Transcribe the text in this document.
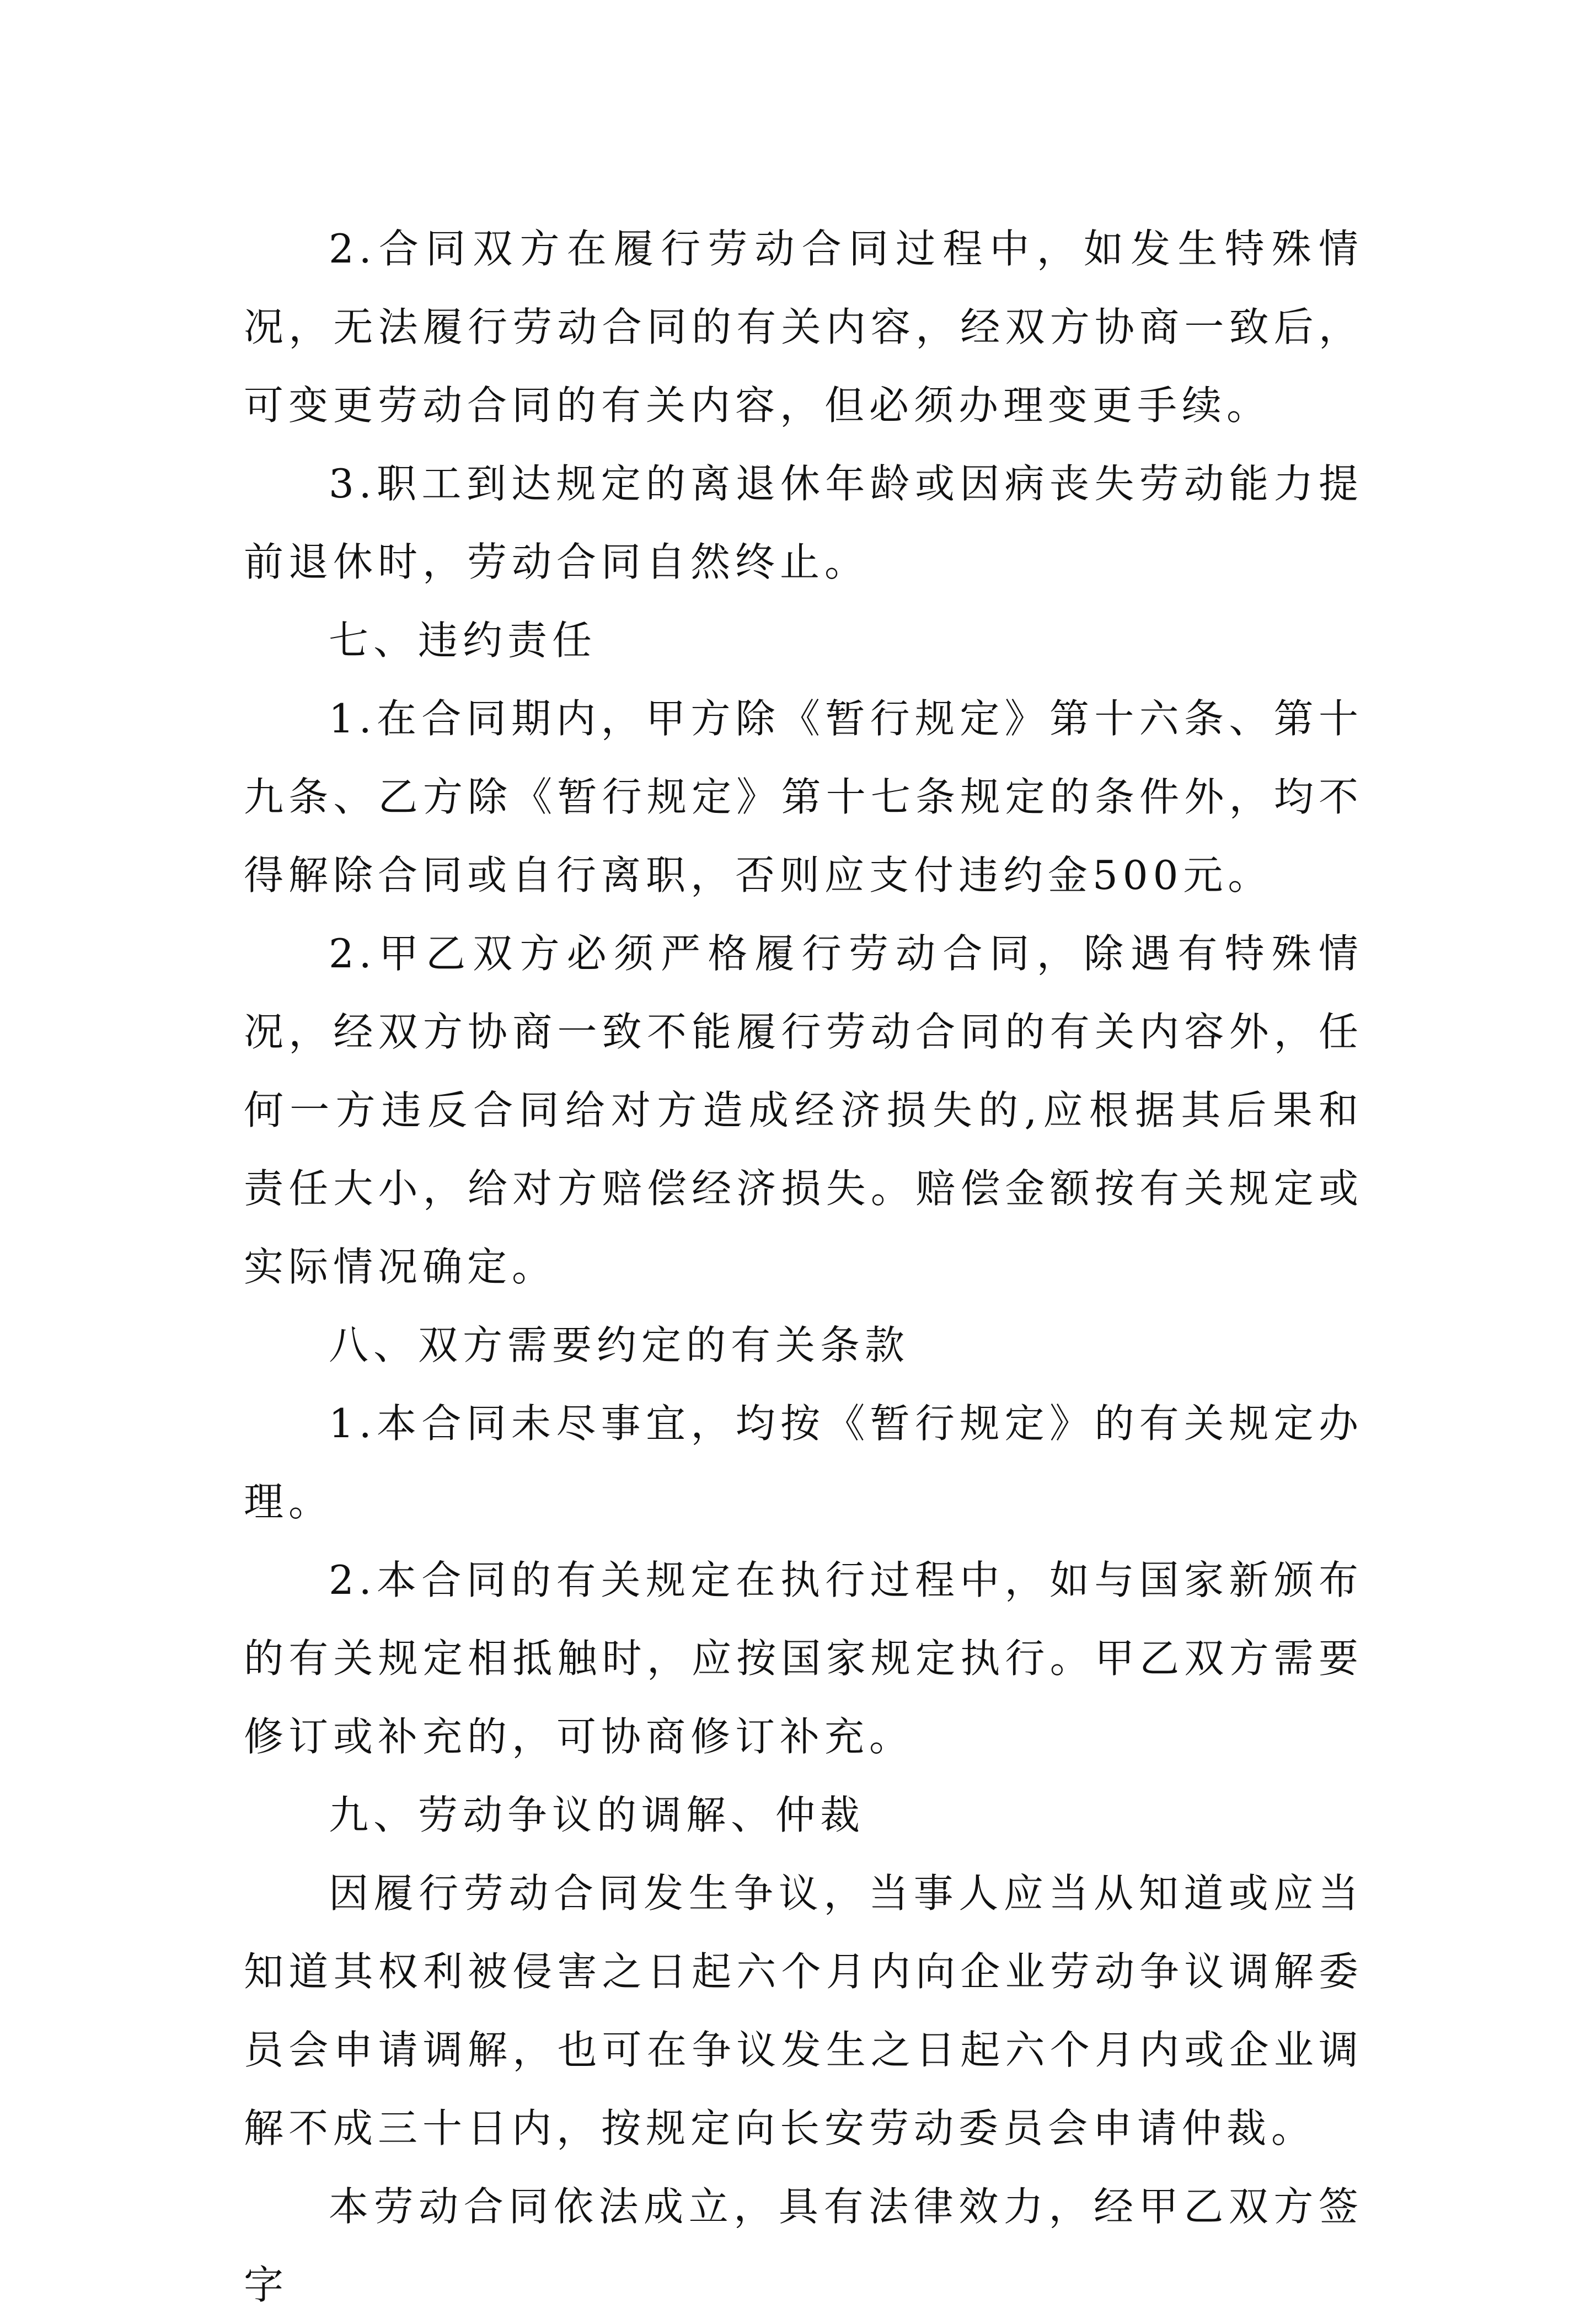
2.合同双方在履行劳动合同过程中，如发生特殊情况，无法履行劳动合同的有关内容，经双方协商一致后，可变更劳动合同的有关内容，但必须办理变更手续。

3.职工到达规定的离退休年龄或因病丧失劳动能力提前退休时，劳动合同自然终止。

七、违约责任

1.在合同期内，甲方除《暂行规定》第十六条、第十九条、乙方除《暂行规定》第十七条规定的条件外，均不得解除合同或自行离职，否则应支付违约金500元。

2.甲乙双方必须严格履行劳动合同，除遇有特殊情况，经双方协商一致不能履行劳动合同的有关内容外，任何一方违反合同给对方造成经济损失的,应根据其后果和责任大小，给对方赔偿经济损失。赔偿金额按有关规定或实际情况确定。

八、双方需要约定的有关条款

1.本合同未尽事宜，均按《暂行规定》的有关规定办理。

2.本合同的有关规定在执行过程中，如与国家新颁布的有关规定相抵触时，应按国家规定执行。甲乙双方需要修订或补充的，可协商修订补充。

九、劳动争议的调解、仲裁

因履行劳动合同发生争议，当事人应当从知道或应当知道其权利被侵害之日起六个月内向企业劳动争议调解委员会申请调解，也可在争议发生之日起六个月内或企业调解不成三十日内，按规定向长安劳动委员会申请仲裁。

本劳动合同依法成立，具有法律效力，经甲乙双方签字
